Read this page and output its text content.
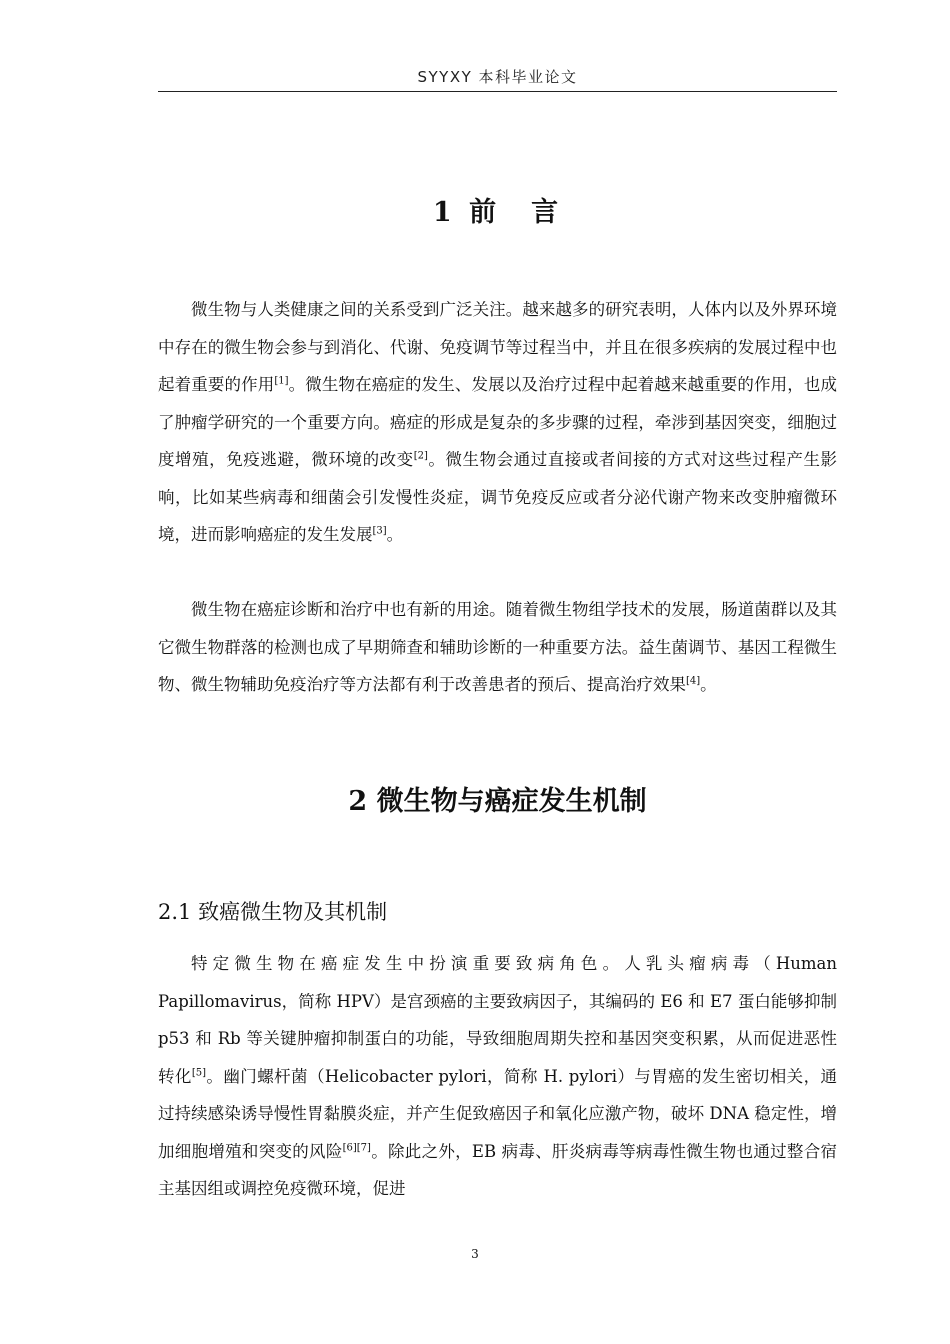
SYYXY 本科毕业论文
1 前　言

微生物与人类健康之间的关系受到广泛关注。越来越多的研究表明，人体内以及外界环境中存在的微生物会参与到消化、代谢、免疫调节等过程当中，并且在很多疾病的发展过程中也起着重要的作用[1]。微生物在癌症的发生、发展以及治疗过程中起着越来越重要的作用，也成了肿瘤学研究的一个重要方向。癌症的形成是复杂的多步骤的过程，牵涉到基因突变，细胞过度增殖，免疫逃避，微环境的改变[2]。微生物会通过直接或者间接的方式对这些过程产生影响，比如某些病毒和细菌会引发慢性炎症，调节免疫反应或者分泌代谢产物来改变肿瘤微环境，进而影响癌症的发生发展[3]。

微生物在癌症诊断和治疗中也有新的用途。随着微生物组学技术的发展，肠道菌群以及其它微生物群落的检测也成了早期筛查和辅助诊断的一种重要方法。益生菌调节、基因工程微生物、微生物辅助免疫治疗等方法都有利于改善患者的预后、提高治疗效果[4]。

2 微生物与癌症发生机制
2.1 致癌微生物及其机制

特定微生物在癌症发生中扮演重要致病角色。人乳头瘤病毒（Human Papillomavirus，简称 HPV）是宫颈癌的主要致病因子，其编码的 E6 和 E7 蛋白能够抑制 p53 和 Rb 等关键肿瘤抑制蛋白的功能，导致细胞周期失控和基因突变积累，从而促进恶性转化[5]。幽门螺杆菌（Helicobacter pylori，简称 H. pylori）与胃癌的发生密切相关，通过持续感染诱导慢性胃黏膜炎症，并产生促致癌因子和氧化应激产物，破坏 DNA 稳定性，增加细胞增殖和突变的风险[6][7]。除此之外，EB 病毒、肝炎病毒等病毒性微生物也通过整合宿主基因组或调控免疫微环境，促进

3
